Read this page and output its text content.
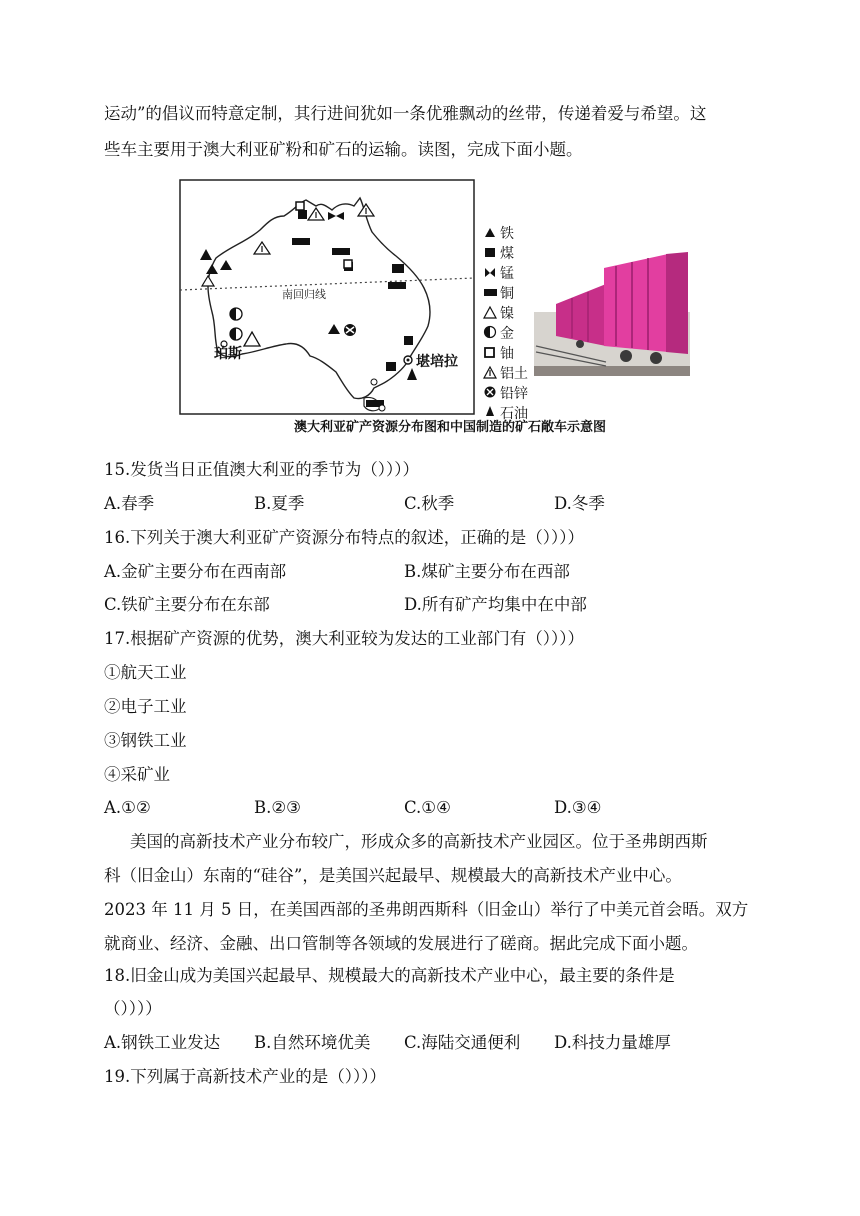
运动”的倡议而特意定制，其行进间犹如一条优雅飘动的丝带，传递着爱与希望。这
些车主要用于澳大利亚矿粉和矿石的运输。读图，完成下面小题。
南回归线
珀斯	堪培拉
铁
煤
锰
铜
镍
金
铀
铝土
铅锌
石油
澳大利亚矿产资源分布图和中国制造的矿石敞车示意图
15.发货当日正值澳大利亚的季节为（））））
A.春季	B.夏季	C.秋季	D.冬季
16.下列关于澳大利亚矿产资源分布特点的叙述，正确的是（））））
A.金矿主要分布在西南部	B.煤矿主要分布在西部
C.铁矿主要分布在东部	D.所有矿产均集中在中部
17.根据矿产资源的优势，澳大利亚较为发达的工业部门有（））））
①航天工业
②电子工业
③钢铁工业
④采矿业
A.①②	B.②③	C.①④	D.③④
美国的高新技术产业分布较广，形成众多的高新技术产业园区。位于圣弗朗西斯
科（旧金山）东南的“硅谷”，是美国兴起最早、规模最大的高新技术产业中心。
2023 年 11 月 5 日，在美国西部的圣弗朗西斯科（旧金山）举行了中美元首会晤。双方
就商业、经济、金融、出口管制等各领域的发展进行了磋商。据此完成下面小题。
18.旧金山成为美国兴起最早、规模最大的高新技术产业中心，最主要的条件是
（））））
A.钢铁工业发达 B.自然环境优美 C.海陆交通便利 D.科技力量雄厚
19.下列属于高新技术产业的是（））））
